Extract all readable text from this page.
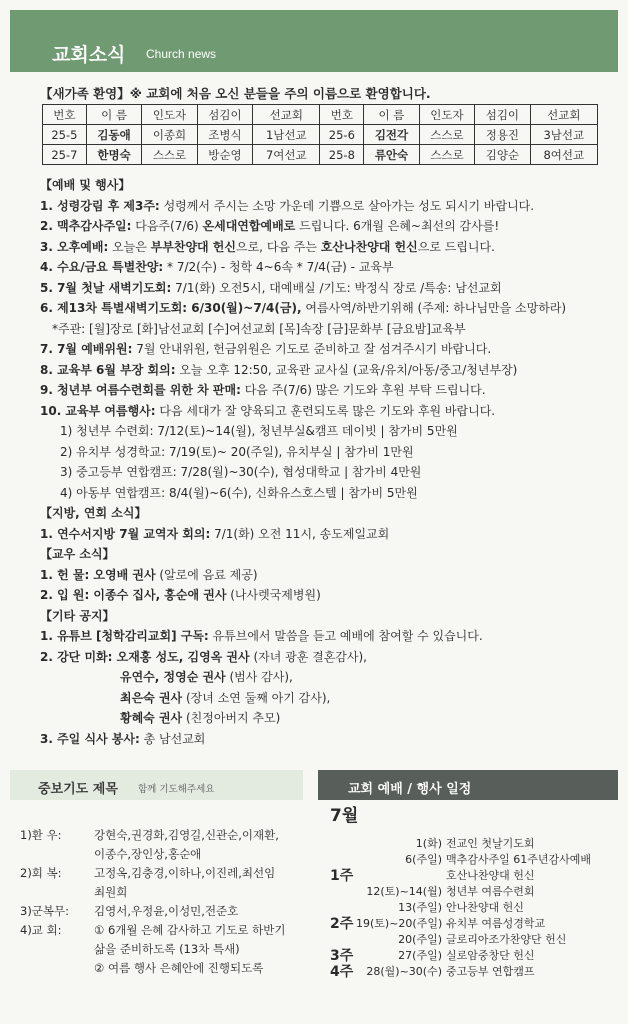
교회소식 Church news
【새가족 환영】※ 교회에 처음 오신 분들을 주의 이름으로 환영합니다.
번호	이 름	인도자	섬김이	선교회	번호	이 름	인도자	섬김이	선교회
25-5	김동애	이종희	조병식	1남선교	25-6	김전각	스스로	정용진	3남선교
25-7	한명숙	스스로	방순영	7여선교	25-8	류안숙	스스로	김양순	8여선교
【예배 및 행사】
1. 성령강림 후 제3주: 성령께서 주시는 소망 가운데 기쁨으로 살아가는 성도 되시기 바랍니다.
2. 맥추감사주일: 다음주(7/6) 온세대연합예배로 드립니다. 6개월 은혜~최선의 감사를!
3. 오후예배: 오늘은 부부찬양대 헌신으로, 다음 주는 호산나찬양대 헌신으로 드립니다.
4. 수요/금요 특별찬양: * 7/2(수) - 청학 4~6속 * 7/4(금) - 교육부
5. 7월 첫날 새벽기도회: 7/1(화) 오전5시, 대예배실 /기도: 박정식 장로 /특송: 남선교회
6. 제13차 특별새벽기도회: 6/30(월)~7/4(금), 여름사역/하반기위해 (주제: 하나님만을 소망하라)
*주관: [월]장로 [화]남선교회 [수]여선교회 [목]속장 [금]문화부 [금요밤]교육부
7. 7월 예배위원: 7월 안내위원, 헌금위원은 기도로 준비하고 잘 섬겨주시기 바랍니다.
8. 교육부 6월 부장 회의: 오늘 오후 12:50, 교육관 교사실 (교육/유치/아동/중고/청년부장)
9. 청년부 여름수련회를 위한 차 판매: 다음 주(7/6) 많은 기도와 후원 부탁 드립니다.
10. 교육부 여름행사: 다음 세대가 잘 양육되고 훈련되도록 많은 기도와 후원 바랍니다.
1) 청년부 수련회: 7/12(토)~14(월), 청년부실&캠프 데이빗 | 참가비 5만원
2) 유치부 성경학교: 7/19(토)~ 20(주일), 유치부실 | 참가비 1만원
3) 중고등부 연합캠프: 7/28(월)~30(수), 협성대학교 | 참가비 4만원
4) 아동부 연합캠프: 8/4(월)~6(수), 신화유스호스텔 | 참가비 5만원
【지방, 연회 소식】
1. 연수서지방 7월 교역자 회의: 7/1(화) 오전 11시, 송도제일교회
【교우 소식】
1. 헌 물: 오영배 권사 (알로에 음료 제공)
2. 입 원: 이종수 집사, 홍순애 권사 (나사렛국제병원)
【기타 공지】
1. 유튜브 [청학감리교회] 구독: 유튜브에서 말씀을 듣고 예배에 참여할 수 있습니다.
2. 강단 미화: 오재홍 성도, 김영옥 권사 (자녀 광훈 결혼감사),
유연수, 정영순 권사 (범사 감사),
최은숙 권사 (장녀 소연 둘째 아기 감사),
황혜숙 권사 (친정아버지 추모)
3. 주일 식사 봉사: 총 남선교회
중보기도 제목 함께 기도해주세요	교회 예배 / 행사 일정
1)환 우:	강현숙,권경화,김영길,신관순,이재환,
이종수,장인상,홍순애
2)회 복:	고정옥,김충경,이하나,이진레,최선임
최원희
3)군복무:	김영서,우정윤,이성민,전준호
4)교 회:	① 6개월 은혜 감사하고 기도로 하반기
삶을 준비하도록 (13차 특새)
② 여름 행사 은혜안에 진행되도록
7월
1(화) 전교인 첫날기도회
6(주일) 맥추감사주일 61주년감사예배
1주	호산나찬양대 헌신
12(토)~14(월) 청년부 여름수련회
13(주일) 안나찬양대 헌신
2주 19(토)~20(주일) 유치부 여름성경학교
20(주일) 글로리아조가찬양단 헌신
3주	27(주일) 실로암중창단 헌신
4주	28(월)~30(수) 중고등부 연합캠프
